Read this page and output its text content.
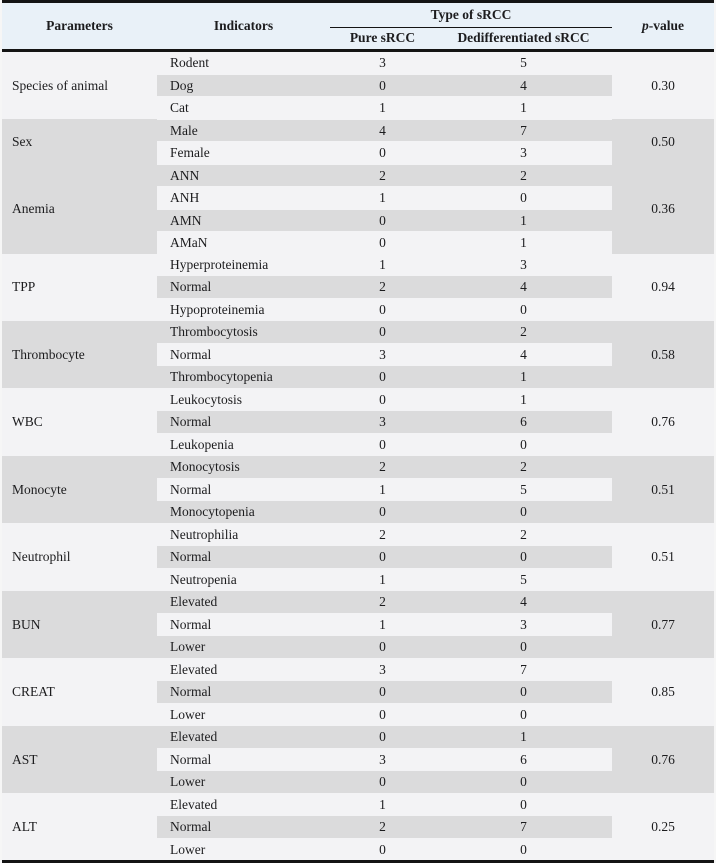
Parameters	Indicators	Type of sRCC		p-value
		Pure sRCC	Dedifferentiated sRCC	
Species of animal	Rodent	3	5	0.30
	Dog	0	4	
	Cat	1	1	
Sex	Male	4	7	0.50
	Female	0	3	
Anemia	ANN	2	2	0.36
	ANH	1	0	
	AMN	0	1	
	AMaN	0	1	
TPP	Hyperproteinemia	1	3	0.94
	Normal	2	4	
	Hypoproteinemia	0	0	
Thrombocyte	Thrombocytosis	0	2	0.58
	Normal	3	4	
	Thrombocytopenia	0	1	
WBC	Leukocytosis	0	1	0.76
	Normal	3	6	
	Leukopenia	0	0	
Monocyte	Monocytosis	2	2	0.51
	Normal	1	5	
	Monocytopenia	0	0	
Neutrophil	Neutrophilia	2	2	0.51
	Normal	0	0	
	Neutropenia	1	5	
BUN	Elevated	2	4	0.77
	Normal	1	3	
	Lower	0	0	
CREAT	Elevated	3	7	0.85
	Normal	0	0	
	Lower	0	0	
AST	Elevated	0	1	0.76
	Normal	3	6	
	Lower	0	0	
ALT	Elevated	1	0	0.25
	Normal	2	7	
	Lower	0	0	
